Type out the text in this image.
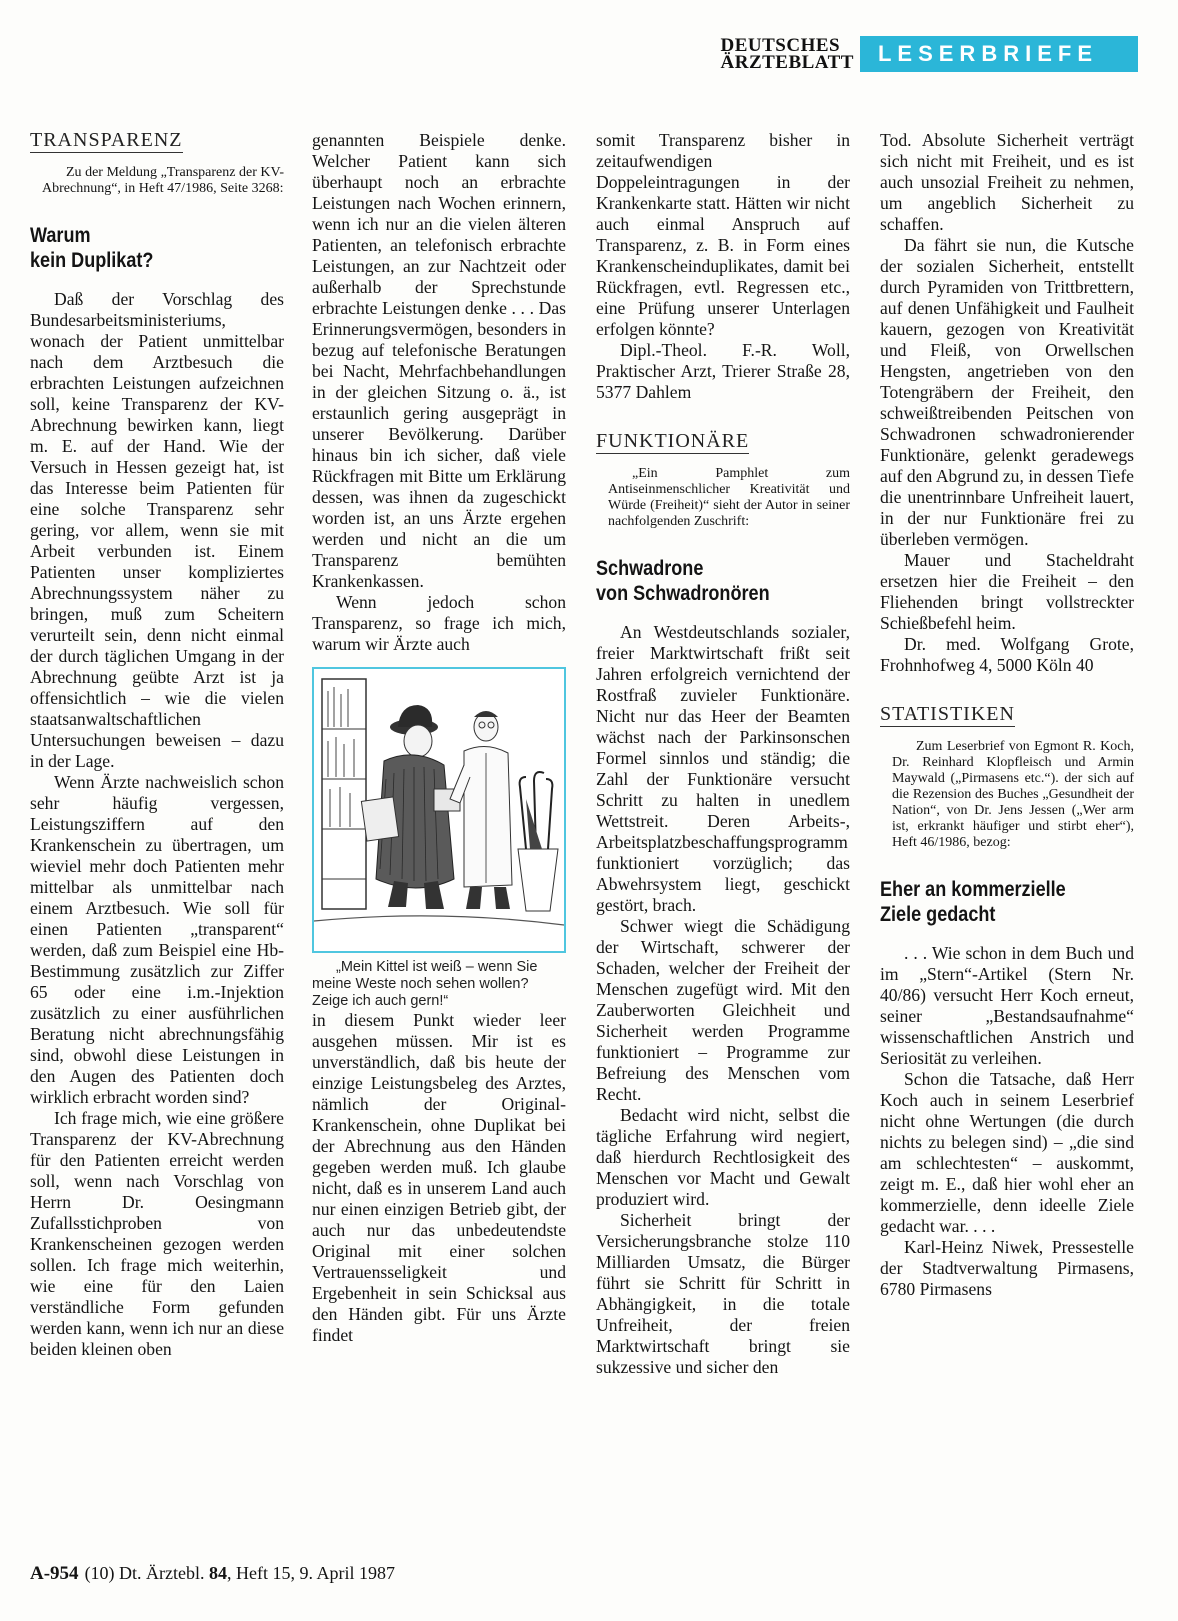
DEUTSCHES
ÄRZTEBLATT	LESERBRIEFE
TRANSPARENZ

Zu der Meldung „Transparenz der KV-Abrechnung“, in Heft 47/1986, Seite 3268:

Warum
kein Duplikat?

Daß der Vorschlag des Bundesarbeitsministeriums, wonach der Patient unmittelbar nach dem Arztbesuch die erbrachten Leistungen aufzeichnen soll, keine Transparenz der KV-Abrechnung bewirken kann, liegt m. E. auf der Hand. Wie der Versuch in Hessen gezeigt hat, ist das Interesse beim Patienten für eine solche Transparenz sehr gering, vor allem, wenn sie mit Arbeit verbunden ist. Einem Patienten unser kompliziertes Abrechnungssystem näher zu bringen, muß zum Scheitern verurteilt sein, denn nicht einmal der durch täglichen Umgang in der Abrechnung geübte Arzt ist ja offensichtlich – wie die vielen staatsanwaltschaftlichen Untersuchungen beweisen – dazu in der Lage.

Wenn Ärzte nachweislich schon sehr häufig vergessen, Leistungsziffern auf den Krankenschein zu übertragen, um wieviel mehr doch Patienten mehr mittelbar als unmittelbar nach einem Arztbesuch. Wie soll für einen Patienten „transparent“ werden, daß zum Beispiel eine Hb-Bestimmung zusätzlich zur Ziffer 65 oder eine i.m.-Injektion zusätzlich zu einer ausführlichen Beratung nicht abrechnungsfähig sind, obwohl diese Leistungen in den Augen des Patienten doch wirklich erbracht worden sind?

Ich frage mich, wie eine größere Transparenz der KV-Abrechnung für den Patienten erreicht werden soll, wenn nach Vorschlag von Herrn Dr. Oesingmann Zufallsstichproben von Krankenscheinen gezogen werden sollen. Ich frage mich weiterhin, wie eine für den Laien verständliche Form gefunden werden kann, wenn ich nur an diese beiden kleinen oben

genannten Beispiele denke. Welcher Patient kann sich überhaupt noch an erbrachte Leistungen nach Wochen erinnern, wenn ich nur an die vielen älteren Patienten, an telefonisch erbrachte Leistungen, an zur Nachtzeit oder außerhalb der Sprechstunde erbrachte Leistungen denke . . . Das Erinnerungsvermögen, besonders in bezug auf telefonische Beratungen bei Nacht, Mehrfachbehandlungen in der gleichen Sitzung o. ä., ist erstaunlich gering ausgeprägt in unserer Bevölkerung. Darüber hinaus bin ich sicher, daß viele Rückfragen mit Bitte um Erklärung dessen, was ihnen da zugeschickt worden ist, an uns Ärzte ergehen werden und nicht an die um Transparenz bemühten Krankenkassen.

Wenn jedoch schon Transparenz, so frage ich mich, warum wir Ärzte auch

„Mein Kittel ist weiß – wenn Sie meine Weste noch sehen wollen? Zeige ich auch gern!“

in diesem Punkt wieder leer ausgehen müssen. Mir ist es unverständlich, daß bis heute der einzige Leistungsbeleg des Arztes, nämlich der Original-Krankenschein, ohne Duplikat bei der Abrechnung aus den Händen gegeben werden muß. Ich glaube nicht, daß es in unserem Land auch nur einen einzigen Betrieb gibt, der auch nur das unbedeutendste Original mit einer solchen Vertrauensseligkeit und Ergebenheit in sein Schicksal aus den Händen gibt. Für uns Ärzte findet

somit Transparenz bisher in zeitaufwendigen Doppeleintragungen in der Krankenkarte statt. Hätten wir nicht auch einmal Anspruch auf Transparenz, z. B. in Form eines Krankenscheinduplikates, damit bei Rückfragen, evtl. Regressen etc., eine Prüfung unserer Unterlagen erfolgen könnte?

Dipl.-Theol. F.-R. Woll, Praktischer Arzt, Trierer Straße 28, 5377 Dahlem

FUNKTIONÄRE

„Ein Pamphlet zum Antiseinmenschlicher Kreativität und Würde (Freiheit)“ sieht der Autor in seiner nachfolgenden Zuschrift:

Schwadrone
von Schwadronören

An Westdeutschlands sozialer, freier Marktwirtschaft frißt seit Jahren erfolgreich vernichtend der Rostfraß zuvieler Funktionäre. Nicht nur das Heer der Beamten wächst nach der Parkinsonschen Formel sinnlos und ständig; die Zahl der Funktionäre versucht Schritt zu halten in unedlem Wettstreit. Deren Arbeits-, Arbeitsplatzbeschaffungsprogramm funktioniert vorzüglich; das Abwehrsystem liegt, geschickt gestört, brach.

Schwer wiegt die Schädigung der Wirtschaft, schwerer der Schaden, welcher der Freiheit der Menschen zugefügt wird. Mit den Zauberworten Gleichheit und Sicherheit werden Programme funktioniert – Programme zur Befreiung des Menschen vom Recht.

Bedacht wird nicht, selbst die tägliche Erfahrung wird negiert, daß hierdurch Rechtlosigkeit des Menschen vor Macht und Gewalt produziert wird.

Sicherheit bringt der Versicherungsbranche stolze 110 Milliarden Umsatz, die Bürger führt sie Schritt für Schritt in Abhängigkeit, in die totale Unfreiheit, der freien Marktwirtschaft bringt sie sukzessive und sicher den

Tod. Absolute Sicherheit verträgt sich nicht mit Freiheit, und es ist auch unsozial Freiheit zu nehmen, um angeblich Sicherheit zu schaffen.

Da fährt sie nun, die Kutsche der sozialen Sicherheit, entstellt durch Pyramiden von Trittbrettern, auf denen Unfähigkeit und Faulheit kauern, gezogen von Kreativität und Fleiß, von Orwellschen Hengsten, angetrieben von den Totengräbern der Freiheit, den schweißtreibenden Peitschen von Schwadronen schwadronierender Funktionäre, gelenkt geradewegs auf den Abgrund zu, in dessen Tiefe die unentrinnbare Unfreiheit lauert, in der nur Funktionäre frei zu überleben vermögen.

Mauer und Stacheldraht ersetzen hier die Freiheit – den Fliehenden bringt vollstreckter Schießbefehl heim.

Dr. med. Wolfgang Grote, Frohnhofweg 4, 5000 Köln 40

STATISTIKEN

Zum Leserbrief von Egmont R. Koch, Dr. Reinhard Klopfleisch und Armin Maywald („Pirmasens etc.“). der sich auf die Rezension des Buches „Gesundheit der Nation“, von Dr. Jens Jessen („Wer arm ist, erkrankt häufiger und stirbt eher“), Heft 46/1986, bezog:

Eher an kommerzielle
Ziele gedacht

. . . Wie schon in dem Buch und im „Stern“-Artikel (Stern Nr. 40/86) versucht Herr Koch erneut, seiner „Bestandsaufnahme“ wissenschaftlichen Anstrich und Seriosität zu verleihen.

Schon die Tatsache, daß Herr Koch auch in seinem Leserbrief nicht ohne Wertungen (die durch nichts zu belegen sind) – „die sind am schlechtesten“ – auskommt, zeigt m. E., daß hier wohl eher an kommerzielle, denn ideelle Ziele gedacht war. . . .

Karl-Heinz Niwek, Pressestelle der Stadtverwaltung Pirmasens, 6780 Pirmasens

A-954 (10) Dt. Ärztebl. 84, Heft 15, 9. April 1987
